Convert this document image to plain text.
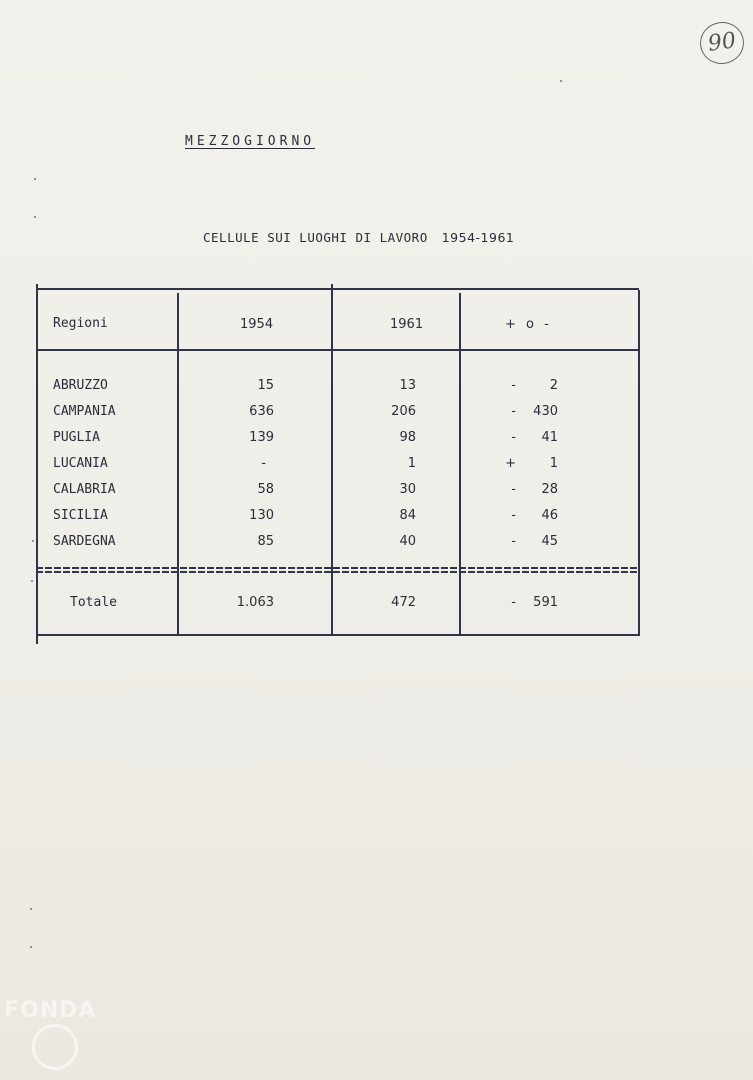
90
MEZZOGIORNO
CELLULE SUI LUOGHI DI LAVORO 1954-1961
Regioni	1954	1961	+ o -
ABRUZZO	15	13	-	2
CAMPANIA	636	206	-	430
PUGLIA	139	98	-	41
LUCANIA	-	1	+	1
CALABRIA	58	30	-	28
SICILIA	130	84	-	46
SARDEGNA	85	40	-	45
Totale	1.063	472	-	591
FONDA
